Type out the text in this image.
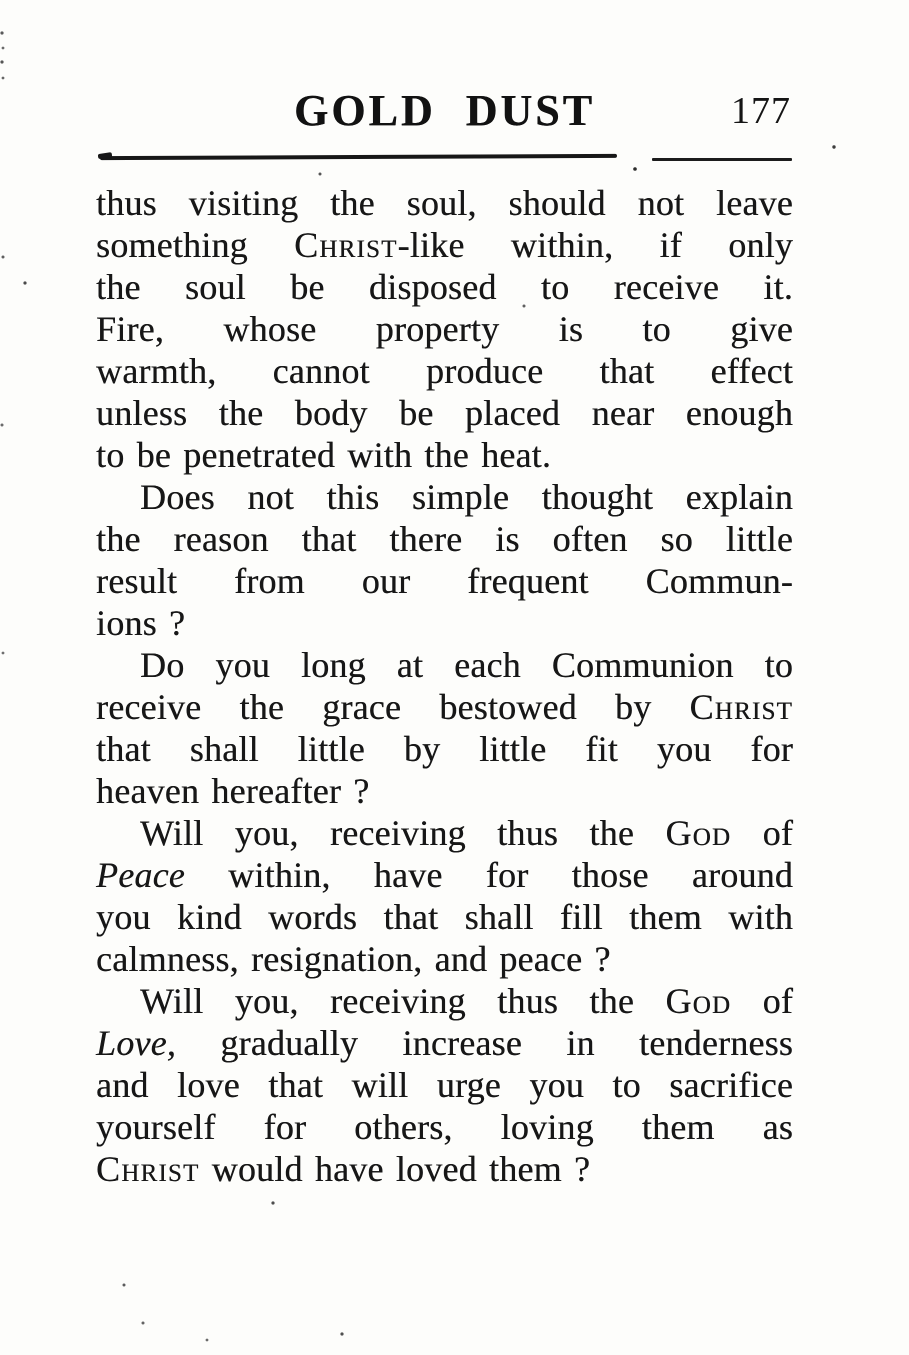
GOLD DUST	177
thus visiting the soul, should not leave
something Christ-like within, if only
the soul be disposed to receive it.
Fire, whose property is to give
warmth, cannot produce that effect
unless the body be placed near enough
to be penetrated with the heat.
Does not this simple thought explain
the reason that there is often so little
result from our frequent Commun-
ions ?
Do you long at each Communion to
receive the grace bestowed by Christ
that shall little by little fit you for
heaven hereafter ?
Will you, receiving thus the God of
Peace within, have for those around
you kind words that shall fill them with
calmness, resignation, and peace ?
Will you, receiving thus the God of
Love, gradually increase in tenderness
and love that will urge you to sacrifice
yourself for others, loving them as
Christ would have loved them ?
